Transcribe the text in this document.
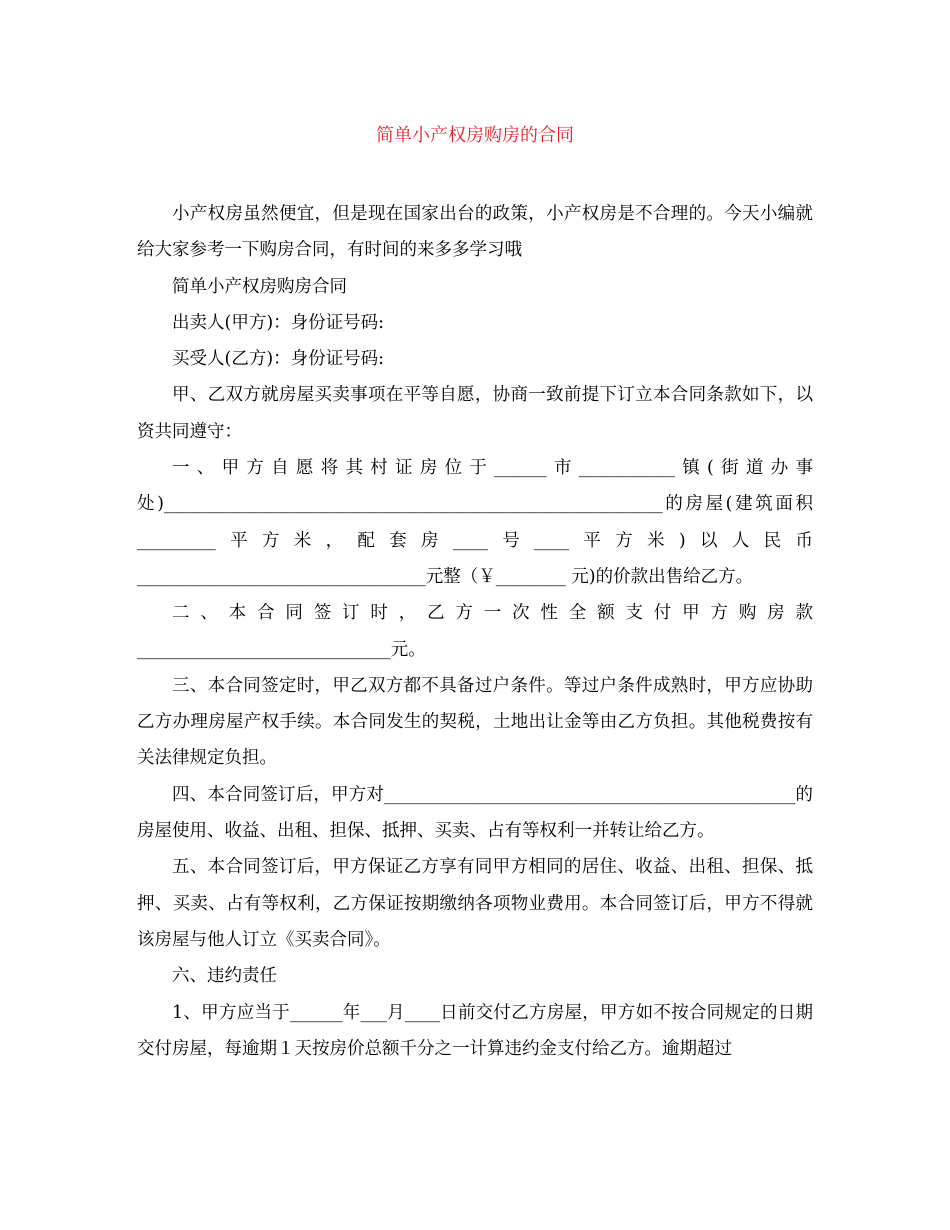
简单小产权房购房的合同

小产权房虽然便宜，但是现在国家出台的政策，小产权房是不合理的。今天小编就给大家参考一下购房合同，有时间的来多多学习哦

简单小产权房购房合同

出卖人(甲方)：身份证号码:

买受人(乙方)：身份证号码:

甲、乙双方就房屋买卖事项在平等自愿，协商一致前提下订立本合同条款如下，以资共同遵守：

一、甲方自愿将其村证房位于______市___________镇(街道办事处)_________________________________________________________的房屋(建筑面积 _________平方米，配套房____号____平方米)以人民币_________________________________元整（￥________ 元)的价款出售给乙方。

二、本合同签订时，乙方一次性全额支付甲方购房款_____________________________元。

三、本合同签定时，甲乙双方都不具备过户条件。等过户条件成熟时，甲方应协助乙方办理房屋产权手续。本合同发生的契税，土地出让金等由乙方负担。其他税费按有关法律规定负担。

四、本合同签订后，甲方对_______________________________________________的房屋使用、收益、出租、担保、抵押、买卖、占有等权利一并转让给乙方。

五、本合同签订后，甲方保证乙方享有同甲方相同的居住、收益、出租、担保、抵押、买卖、占有等权利，乙方保证按期缴纳各项物业费用。本合同签订后，甲方不得就该房屋与他人订立《买卖合同》。

六、违约责任

1、甲方应当于______年___月____日前交付乙方房屋，甲方如不按合同规定的日期交付房屋，每逾期１天按房价总额千分之一计算违约金支付给乙方。逾期超过
